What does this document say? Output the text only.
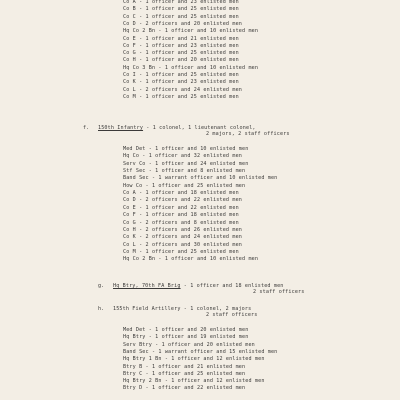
Co A - 1 officer and 23 enlisted men
Co B - 1 officer and 25 enlisted men
Co C - 1 officer and 25 enlisted men
Co D - 2 officers and 20 enlisted men
Hq Co 2 Bn - 1 officer and 10 enlisted men
Co E - 1 officer and 21 enlisted men
Co F - 1 officer and 23 enlisted men
Co G - 1 officer and 25 enlisted men
Co H - 1 officer and 20 enlisted men
Hq Co 3 Bn - 1 officer and 10 enlisted men
Co I - 1 officer and 25 enlisted men
Co K - 1 officer and 23 enlisted men
Co L - 2 officers and 24 enlisted men
Co M - 1 officer and 25 enlisted men
f. 150th Infantry - 1 colonel, 1 lieutenant colonel,
2 majors, 2 staff officers
Med Det - 1 officer and 10 enlisted men
Hq Co - 1 officer and 32 enlisted men
Serv Co - 1 officer and 24 enlisted men
Stf Sec - 1 officer and 8 enlisted men
Band Sec - 1 warrant officer and 10 enlisted men
How Co - 1 officer and 25 enlisted men
Co A - 1 officer and 18 enlisted men
Co D - 2 officers and 22 enlisted men
Co E - 1 officer and 22 enlisted men
Co F - 1 officer and 18 enlisted men
Co G - 2 officers and 8 enlisted men
Co H - 2 officers and 26 enlisted men
Co K - 2 officers and 24 enlisted men
Co L - 2 officers and 30 enlisted men
Co M - 1 officer and 25 enlisted men
Hq Co 2 Bn - 1 officer and 10 enlisted men
g. Hq Btry, 70th FA Brig - 1 officer and 18 enlisted men
2 staff officers
h. 155th Field Artillery - 1 colonel, 2 majors
2 staff officers
Med Det - 1 officer and 20 enlisted men
Hq Btry - 1 officer and 19 enlisted men
Serv Btry - 1 officer and 20 enlisted men
Band Sec - 1 warrant officer and 15 enlisted men
Hq Btry 1 Bn - 1 officer and 12 enlisted men
Btry B - 1 officer and 21 enlisted men
Btry C - 1 officer and 25 enlisted men
Hq Btry 2 Bn - 1 officer and 12 enlisted men
Btry D - 1 officer and 22 enlisted men
